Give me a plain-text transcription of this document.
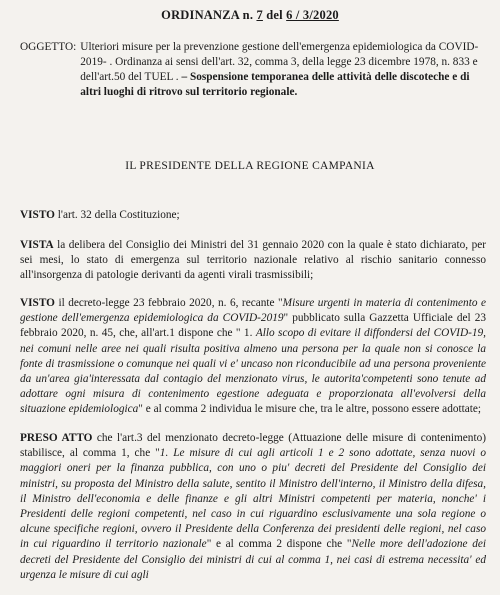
ORDINANZA n. 7 del 6 / 3/2020
OGGETTO: Ulteriori misure per la prevenzione gestione dell'emergenza epidemiologica da COVID-2019- . Ordinanza ai sensi dell'art. 32, comma 3, della legge 23 dicembre 1978, n. 833 e dell'art.50 del TUEL . – Sospensione temporanea delle attività delle discoteche e di altri luoghi di ritrovo sul territorio regionale.
IL PRESIDENTE DELLA REGIONE CAMPANIA
VISTO l'art. 32 della Costituzione;
VISTA la delibera del Consiglio dei Ministri del 31 gennaio 2020 con la quale è stato dichiarato, per sei mesi, lo stato di emergenza sul territorio nazionale relativo al rischio sanitario connesso all'insorgenza di patologie derivanti da agenti virali trasmissibili;
VISTO il decreto-legge 23 febbraio 2020, n. 6, recante "Misure urgenti in materia di contenimento e gestione dell'emergenza epidemiologica da COVID-2019" pubblicato sulla Gazzetta Ufficiale del 23 febbraio 2020, n. 45, che, all'art.1 dispone che " 1. Allo scopo di evitare il diffondersi del COVID-19, nei comuni nelle aree nei quali risulta positiva almeno una persona per la quale non si conosce la fonte di trasmissione o comunque nei quali vi e' uncaso non riconducibile ad una persona proveniente da un'area gia'interessata dal contagio del menzionato virus, le autorita'competenti sono tenute ad adottare ogni misura di contenimento egestione adeguata e proporzionata all'evolversi della situazione epidemiologica" e al comma 2 individua le misure che, tra le altre, possono essere adottate;
PRESO ATTO che l'art.3 del menzionato decreto-legge (Attuazione delle misure di contenimento) stabilisce, al comma 1, che "1. Le misure di cui agli articoli 1 e 2 sono adottate, senza nuovi o maggiori oneri per la finanza pubblica, con uno o piu' decreti del Presidente del Consiglio dei ministri, su proposta del Ministro della salute, sentito il Ministro dell'interno, il Ministro della difesa, il Ministro dell'economia e delle finanze e gli altri Ministri competenti per materia, nonche' i Presidenti delle regioni competenti, nel caso in cui riguardino esclusivamente una sola regione o alcune specifiche regioni, ovvero il Presidente della Conferenza dei presidenti delle regioni, nel caso in cui riguardino il territorio nazionale" e al comma 2 dispone che "Nelle more dell'adozione dei decreti del Presidente del Consiglio dei ministri di cui al comma 1, nei casi di estrema necessita' ed urgenza le misure di cui agli
